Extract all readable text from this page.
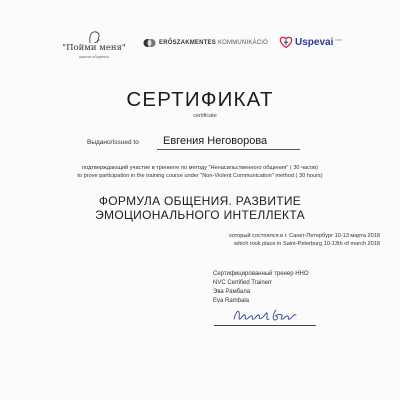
"Пойми меня"
школа общения
ERŐSZAKMENTES KOMMUNIKÁCIÓ	Uspevai .com
СЕРТИФИКАТ
certificate
Выдано/Issued to Евгения Неговорова
подтверждающий участие в тренинге по методу "Ненасильственного общения" ( 30 часов)
to prove participation in the training course under "Non-Violent Communication" method ( 30 hours)
ФОРМУЛА ОБЩЕНИЯ. РАЗВИТИЕ
ЭМОЦИОНАЛЬНОГО ИНТЕЛЛЕКТА
который состоялся в г. Санкт-Петербург 10-13 марта 2018
which took place in Saint-Peterburg 10-13th of march 2018
Сертифицированный тренер ННО
NVC Certified Trainerr
Эва Рамбала
Eva Rambala
